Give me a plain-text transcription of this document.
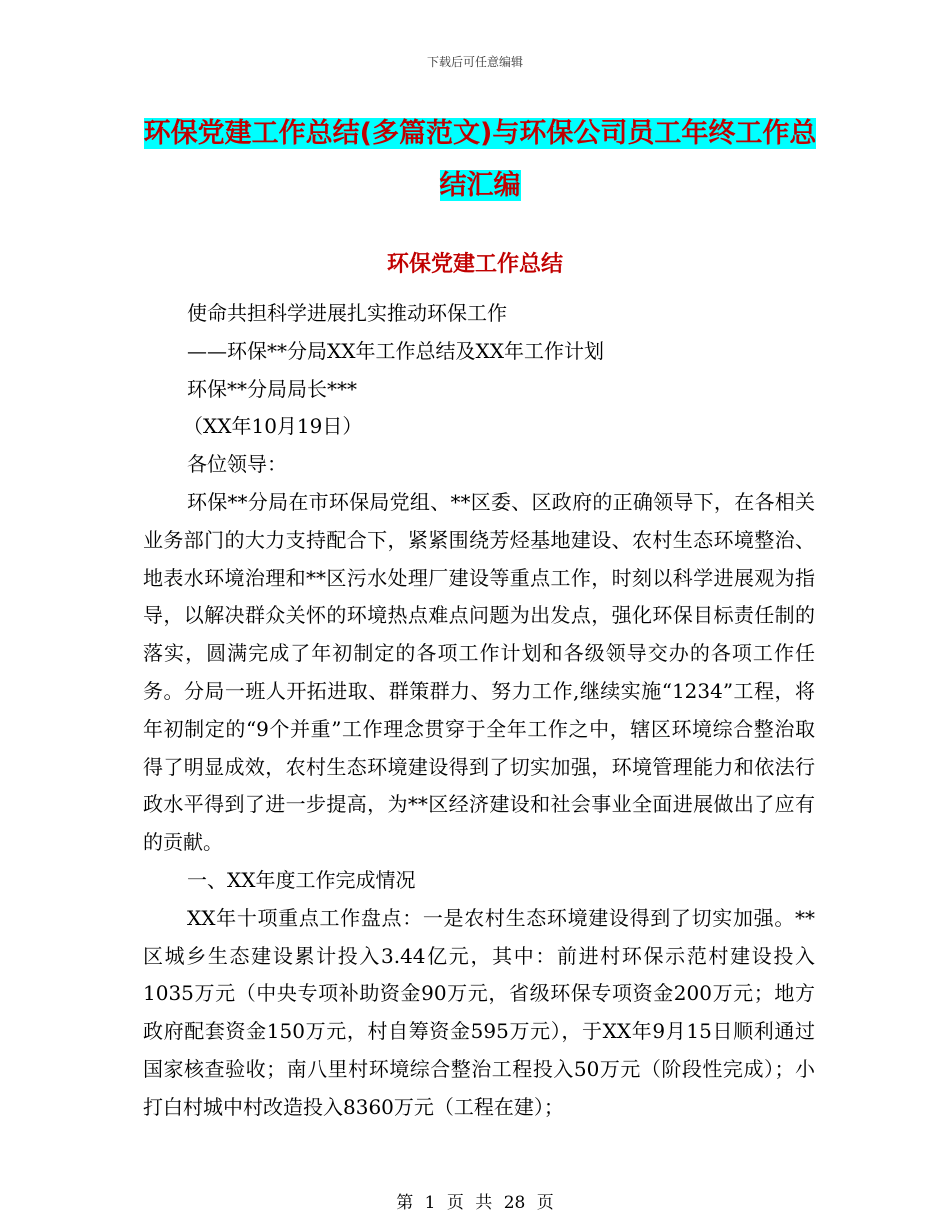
下载后可任意编辑
环保党建工作总结(多篇范文)与环保公司员工年终工作总结汇编
环保党建工作总结

使命共担科学进展扎实推动环保工作

——环保**分局XX年工作总结及XX年工作计划

环保**分局局长***

（XX年10月19日）

各位领导：

环保**分局在市环保局党组、**区委、区政府的正确领导下，在各相关业务部门的大力支持配合下，紧紧围绕芳烃基地建设、农村生态环境整治、地表水环境治理和**区污水处理厂建设等重点工作，时刻以科学进展观为指导，以解决群众关怀的环境热点难点问题为出发点，强化环保目标责任制的落实，圆满完成了年初制定的各项工作计划和各级领导交办的各项工作任务。分局一班人开拓进取、群策群力、努力工作,继续实施“1234”工程，将年初制定的“9个并重”工作理念贯穿于全年工作之中，辖区环境综合整治取得了明显成效，农村生态环境建设得到了切实加强，环境管理能力和依法行政水平得到了进一步提高，为**区经济建设和社会事业全面进展做出了应有的贡献。

一、XX年度工作完成情况

XX年十项重点工作盘点：一是农村生态环境建设得到了切实加强。**区城乡生态建设累计投入3.44亿元，其中：前进村环保示范村建设投入1035万元（中央专项补助资金90万元，省级环保专项资金200万元；地方政府配套资金150万元，村自筹资金595万元），于XX年9月15日顺利通过国家核查验收；南八里村环境综合整治工程投入50万元（阶段性完成）；小打白村城中村改造投入8360万元（工程在建）；

第 1 页 共 28 页
